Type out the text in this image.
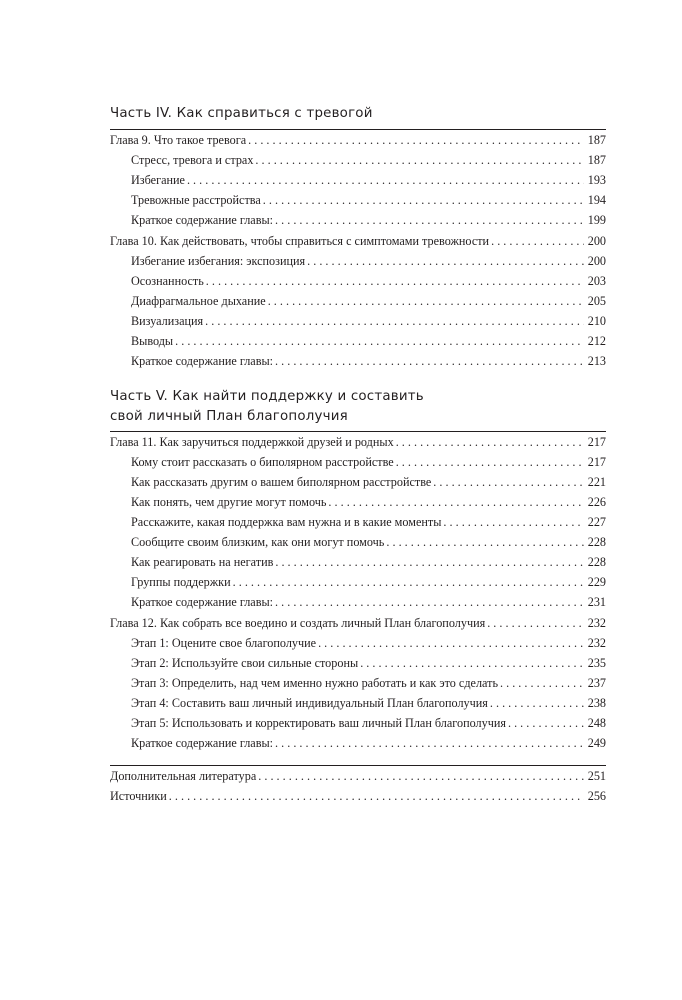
Часть IV. Как справиться с тревогой
Глава 9. Что такое тревога . . .	187
Стресс, тревога и страх . . .	187
Избегание . . .	193
Тревожные расстройства . . .	194
Краткое содержание главы: . . .	199
Глава 10. Как действовать, чтобы справиться с симптомами тревожности . . .	200
Избегание избегания: экспозиция . . .	200
Осознанность . . .	203
Диафрагмальное дыхание . . .	205
Визуализация . . .	210
Выводы . . .	212
Краткое содержание главы: . . .	213
Часть V. Как найти поддержку и составить
свой личный План благополучия
Глава 11. Как заручиться поддержкой друзей и родных . . .	217
Кому стоит рассказать о биполярном расстройстве . . .	217
Как рассказать другим о вашем биполярном расстройстве . . .	221
Как понять, чем другие могут помочь . . .	226
Расскажите, какая поддержка вам нужна и в какие моменты . . .	227
Сообщите своим близким, как они могут помочь . . .	228
Как реагировать на негатив . . .	228
Группы поддержки . . .	229
Краткое содержание главы: . . .	231
Глава 12. Как собрать все воедино и создать личный План благополучия . . .	232
Этап 1: Оцените свое благополучие . . .	232
Этап 2: Используйте свои сильные стороны . . .	235
Этап 3: Определить, над чем именно нужно работать и как это сделать . . .	237
Этап 4: Составить ваш личный индивидуальный План благополучия . . .	238
Этап 5: Использовать и корректировать ваш личный План благополучия . . .	248
Краткое содержание главы: . . .	249
Дополнительная литература . . .	251
Источники . . .	256
